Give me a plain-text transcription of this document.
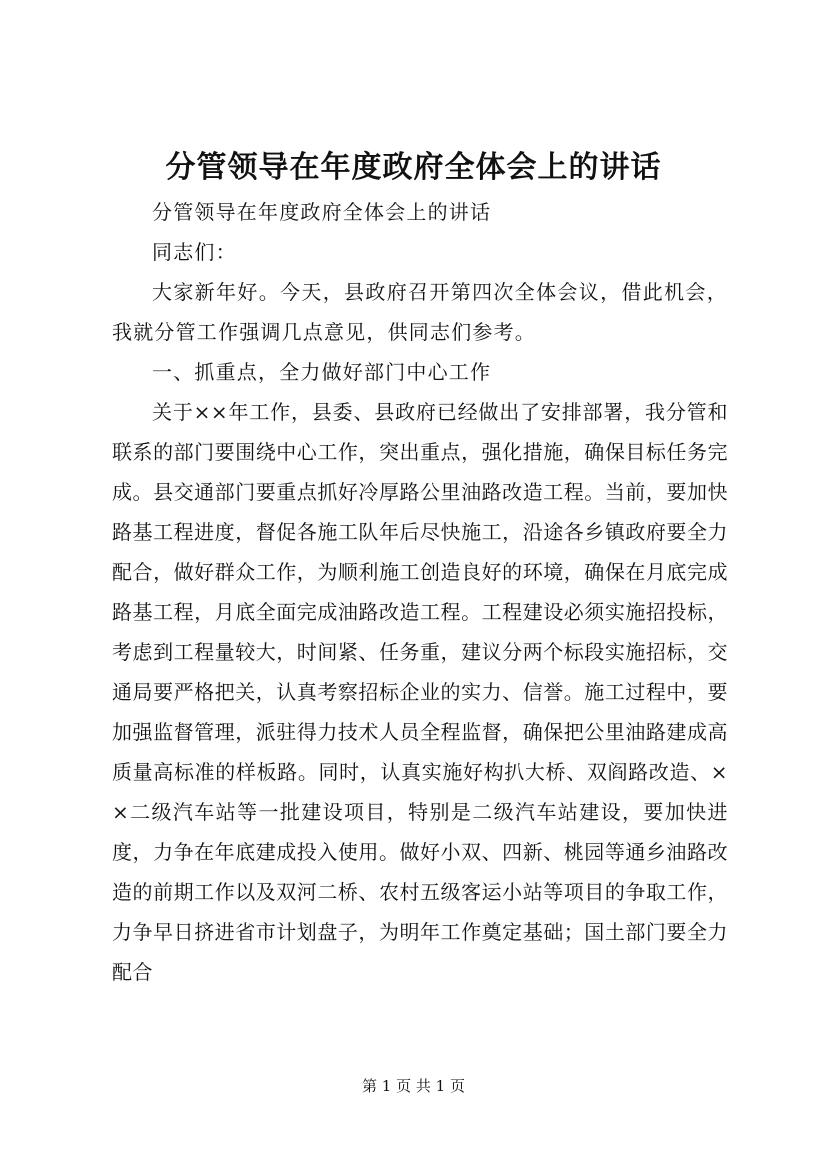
分管领导在年度政府全体会上的讲话

分管领导在年度政府全体会上的讲话

同志们：

大家新年好。今天，县政府召开第四次全体会议，借此机会，我就分管工作强调几点意见，供同志们参考。

一、抓重点，全力做好部门中心工作

关于××年工作，县委、县政府已经做出了安排部署，我分管和联系的部门要围绕中心工作，突出重点，强化措施，确保目标任务完成。县交通部门要重点抓好冷厚路公里油路改造工程。当前，要加快路基工程进度，督促各施工队年后尽快施工，沿途各乡镇政府要全力配合，做好群众工作，为顺利施工创造良好的环境，确保在月底完成路基工程，月底全面完成油路改造工程。工程建设必须实施招投标，考虑到工程量较大，时间紧、任务重，建议分两个标段实施招标，交通局要严格把关，认真考察招标企业的实力、信誉。施工过程中，要加强监督管理，派驻得力技术人员全程监督，确保把公里油路建成高质量高标准的样板路。同时，认真实施好构扒大桥、双阎路改造、××二级汽车站等一批建设项目，特别是二级汽车站建设，要加快进度，力争在年底建成投入使用。做好小双、四新、桃园等通乡油路改造的前期工作以及双河二桥、农村五级客运小站等项目的争取工作，力争早日挤进省市计划盘子，为明年工作奠定基础；国土部门要全力配合

第 1 页 共 1 页
